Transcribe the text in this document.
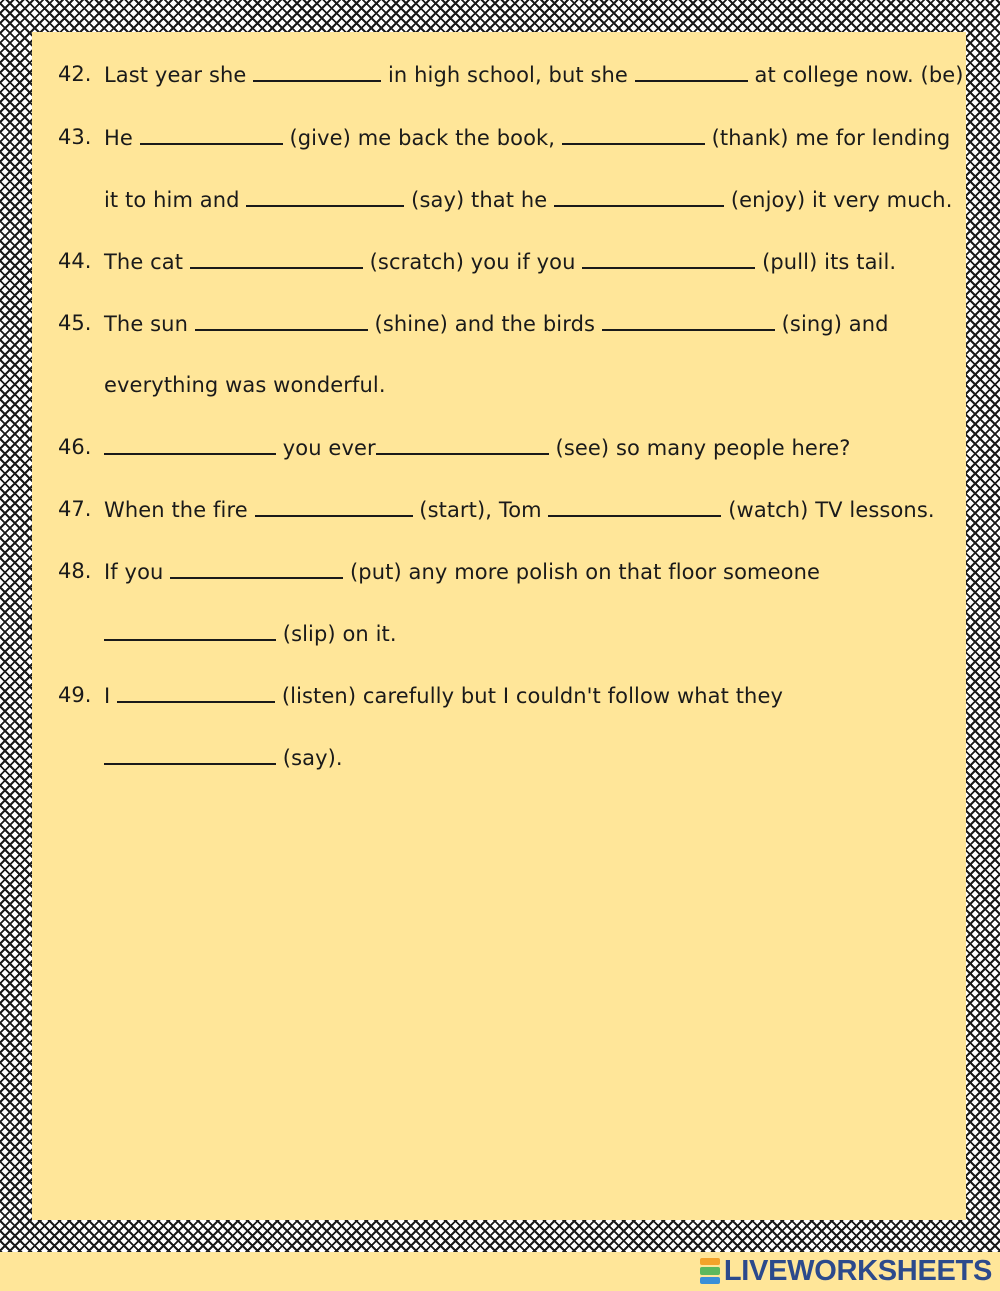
42. Last year she	in high school, but she	at college now. (be)
43. He	(give) me back the book,	(thank) me for lending
it to him and	(say) that he	(enjoy) it very much.
44. The cat	(scratch) you if you	(pull) its tail.
45. The sun	(shine) and the birds	(sing) and
everything was wonderful.
46.	you ever	(see) so many people here?
47. When the fire	(start), Tom	(watch) TV lessons.
48. If you	(put) any more polish on that floor someone
(slip) on it.
49. I	(listen) carefully but I couldn't follow what they
(say).
LIVEWORKSHEETS
